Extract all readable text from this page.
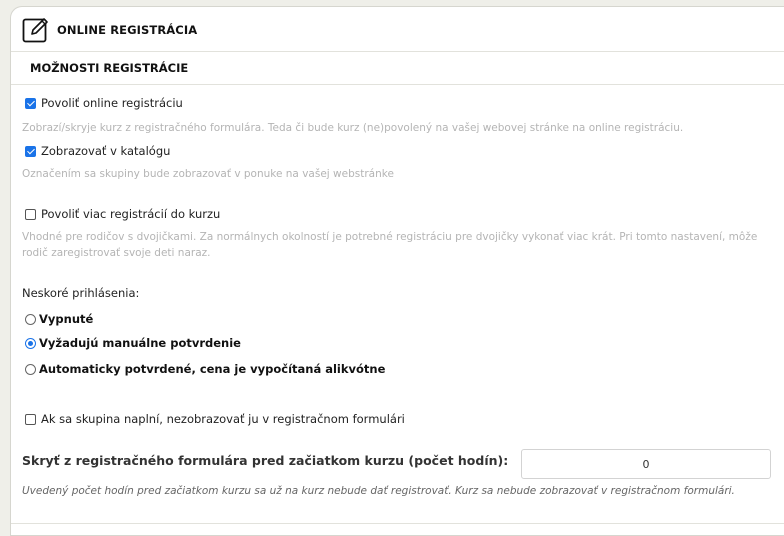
ONLINE REGISTRÁCIA
MOŽNOSTI REGISTRÁCIE
Povoliť online registráciu
Zobrazí/skryje kurz z registračného formulára. Teda či bude kurz (ne)povolený na vašej webovej stránke na online registráciu.
Zobrazovať v katalógu
Označením sa skupiny bude zobrazovať v ponuke na vašej webstránke
Povoliť viac registrácií do kurzu
Vhodné pre rodičov s dvojičkami. Za normálnych okolností je potrebné registráciu pre dvojičky vykonať viac krát. Pri tomto nastavení, môže rodič zaregistrovať svoje deti naraz.
Neskoré prihlásenia:
Vypnuté
Vyžadujú manuálne potvrdenie
Automaticky potvrdené, cena je vypočítaná alikvótne
Ak sa skupina naplní, nezobrazovať ju v registračnom formulári
Skryť z registračného formulára pred začiatkom kurzu (počet hodín):
0
Uvedený počet hodín pred začiatkom kurzu sa už na kurz nebude dať registrovať. Kurz sa nebude zobrazovať v registračnom formulári.
